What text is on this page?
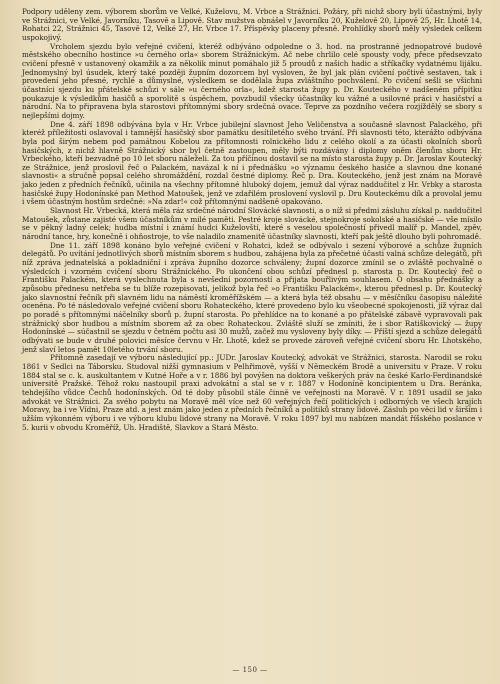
Podpory uděleny zem. výborem sborům ve Velké, Kuželovu, M. Vrbce a Strážnici. Požáry, při nichž sbory byli účastnými, byly ve Strážnici, ve Velké, Javorníku, Tasově a Lipově. Stav mužstva obnášel v Javorníku 20, Kuželově 20, Lipově 25, Hr. Lhotě 14, Rohatci 22, Strážnici 45, Tasově 12, Velké 27, Hr. Vrbce 17. Příspěvky placeny přesně. Prohlídky sborů měly výsledek celkem uspokojivý.

Vrcholem sjezdu bylo veřejné cvičení, kteréž odbýváno odpoledne o 3. hod. na prostranné jednopatrové budově městského obecního hostince »u černého orla« sborem Strážnickým. Ač nebe chrlilo celé spousty vody, přece předsevzato cvičení přesně v ustanovený okamžik a za několik minut pomáhalo již 5 proudů z našich hadic a stříkačky vydatnému lijáku. Jednomyslný byl úsudek, který také později župním dozorcem byl vysloven, že byl jak plán cvičení počtivě sestaven, tak i provedení jeho přesné, rychlé a důmyslné, výsledkem se dodělala župa zvláštního pochválení. Po cvičení sešli se všichni účastníci sjezdu ku přátelské schůzi v sále »u černého orla«, kdež starosta župy p. Dr. Kouteckého v nadšeném přípitku poukazuje k výsledkům hasičů a sporolitě s úspěchem, povzbudil všecky účastníky ku vážné a usilovné práci v hasičství a národní. Na to připravena byla starostovi přítomnými sbory srdečná ovace. Teprve za pozdního večera rozjíždělý se sbory s nejlepšími dojmy.

Dne 4. září 1898 odbývána byla v Hr. Vrbce jubilejní slavnost Jeho Veličenstva a současně slavnost Palackého, při kteréž příležitosti oslavoval i tamnější hasičský sbor památku desítiletého svého trvání. Při slavnosti této, kterážto odbývána byla pod širým nebem pod památnou Kobelou za přítomnosti rolnického lidu z celého okolí a za účasti okolních sborů hasičských, z nichž hlavně Strážnický sbor byl četně zastoupen, měly býti rozdávány i diplomy oněm členům sboru Hr. Vrbeckého, kteří bezvadně po 10 let sboru náleželi. Za tou příčinou dostavil se na místo starosta župy p. Dr. Jaroslav Koutecký ze Strážnice, jenž proslovil řeč o Palackém, navázal k ní i přednášku »o významu českého hasiče a slavnou dne konané slavnosti« a stručně popsal celého shromáždění, rozdal čestné diplomy. Řeč p. Dra. Kouteckého, jenž jest znám na Moravě jako jeden z předních řečníků, učinila na všechny přítomné hluboký dojem, jemuž dal výraz naddučitel z Hr. Vrbky a starosta hasičské župy Hodonínské pan Method Matoušek, jenž ve zdařilém proslovení vyslovil p. Dru Kouteckému dík a provolal jemu i všem účastným hostům srdečné: »Na zdar!« což přítomnými nadšeně opakováno.

Slavnost Hr. Vrbecká, která měla ráz srdečné národní Slovácké slavnosti, a o níž si předmi zásluhu získal p. naddučitel Matoušek, zůstane zajisté všem účastníkům v milé paměti. Pestré kroje slovácké, stejnokroje sokolské a hasičské — vše mísilo se v pěkný ladný celek; hudba místní i známí hudci Kuželovští, které s veselou společností přivedl malíř p. Mandel, zpěv, národní tance, hry, konečně i ohňostroje, to vše naladilo znamenitě účastníky slavnosti, kteří pak ještě dlouho byli pohromadě.

Dne 11. září 1898 konáno bylo veřejné cvičení v Rohatci, kdež se odbývalo i sezení výborové a schůze župních delegátů. Po uvítání jednotlivých sborů místním sborem s hudbou, zahájena byla za přečetné účasti valná schůze delegátů, při níž zpráva jednatelská a pokladniční i zpráva župního dozorce schváleny; župní dozorce zmínil se o zvláště pochvalně o výsledcích i vzorném cvičení sboru Strážnického. Po ukončení obou schůzí přednesl p. starosta p. Dr. Koutecký řeč o Františku Palackém, která vyslechnuta byla s nevšední pozorností a přijata bouřlivým souhlasem. O obsahu přednášky a způsobu přednesu netřeba se tu blíže rozepisovati, jelikož byla řeč »o Františku Palackém«, kterou přednesl p. Dr. Koutecký jako slavnostní řečník při slavném lidu na náměstí kroměřížském — a která byla též obsahu — v měsíčníku časopisu náležité oceněna. Po té následovalo veřejné cvičení sboru Rohateckého, které provedeno bylo ku všeobecné spokojenosti, jíž výraz dal po poradě s přítomnými náčelníky sborů p. župní starosta. Po přehlídce na to konané a po přátelské zábavě vypravovali pak strážnický sbor hudbou a místním sborem až za obec Rohateckou. Zvláště služí se zmíniti, že i sbor Ratiškovický — župy Hodonínské — súčastnil se sjezdu v četném počtu asi 30 mužů, začež mu vysloveny byly díky. — Příští sjezd a schůze delegátů odbývati se bude v druhé polovici měsíce červnu v Hr. Lhotě, kdež se provede zároveň veřejné cvičení sboru Hr. Lhotského, jenž slaví letos pamět 10letého trvání sboru.

Přítomně zasedají ve výboru následující pp.: JUDr. Jaroslav Koutecký, advokát ve Strážnici, starosta. Narodil se roku 1861 v Sedlci na Táborsku. Studoval nižší gymnasium v Pelhřimově, vyšší v Německém Brodě a universitu v Praze. V roku 1884 stal se c. k. auskultantem v Kutné Hoře a v r. 1886 byl povýšen na doktora veškerých práv na české Karlo-Ferdinandské universitě Pražské. Téhož roku nastoupil praxi advokátní a stal se v r. 1887 v Hodoníně koncipientem u Dra. Beránka, tehdejšího vůdce Čechů hodonínských. Od té doby působil stále činně ve veřejnosti na Moravě. V r. 1891 usadil se jako advokát ve Strážnici. Za svého pobytu na Moravě měl více než 60 veřejných řečí politických i odborných ve všech krajích Moravy, ba i ve Vídni, Praze atd. a jest znám jako jeden z předních řečníků a politiků strany lidové. Zásluh po věci lid v širším i užším výkonném výboru i ve výboru klubu lidové strany na Moravě. V roku 1897 byl mu nabízen mandát říšského poslance v 5. kurii v obvodu Kroměříž, Uh. Hradiště, Slavkov a Stará Město.

— 150 —
